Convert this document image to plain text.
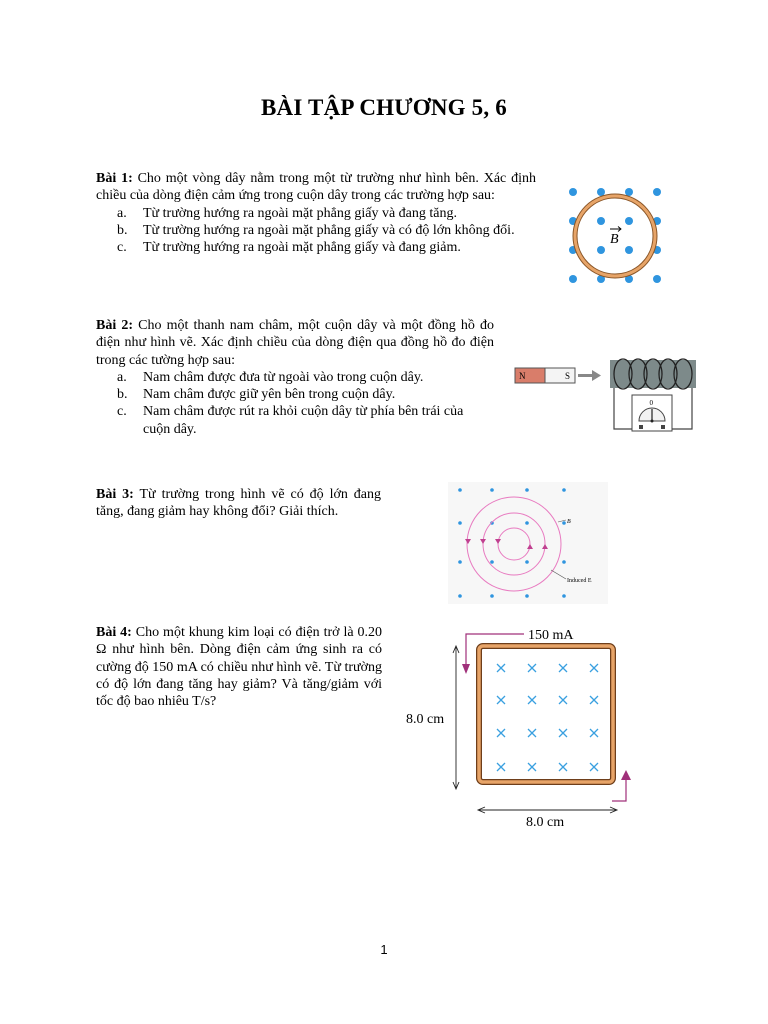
BÀI TẬP CHƯƠNG 5, 6
Bài 1: Cho một vòng dây nằm trong một từ trường như hình bên. Xác định chiều của dòng điện cảm ứng trong cuộn dây trong các trường hợp sau:
a. Từ trường hướng ra ngoài mặt phẳng giấy và đang tăng.
b. Từ trường hướng ra ngoài mặt phẳng giấy và có độ lớn không đổi.
c. Từ trường hướng ra ngoài mặt phẳng giấy và đang giảm.
B
Bài 2: Cho một thanh nam châm, một cuộn dây và một đồng hồ đo điện như hình vẽ. Xác định chiều của dòng điện qua đồng hồ đo điện trong các tường hợp sau:
a. Nam châm được đưa từ ngoài vào trong cuộn dây.
b. Nam châm được giữ yên bên trong cuộn dây.
c. Nam châm được rút ra khỏi cuộn dây từ phía bên trái của cuộn dây.
N	S
0
Bài 3: Từ trường trong hình vẽ có độ lớn đang tăng, đang giảm hay không đổi? Giải thích.
B
Induced E
Bài 4: Cho một khung kim loại có điện trở là 0.20 Ω như hình bên. Dòng điện cảm ứng sinh ra có cường độ 150 mA có chiều như hình vẽ. Từ trường có độ lớn đang tăng hay giảm? Và tăng/giảm với tốc độ bao nhiêu T/s?
150 mA
8.0 cm
8.0 cm
1
